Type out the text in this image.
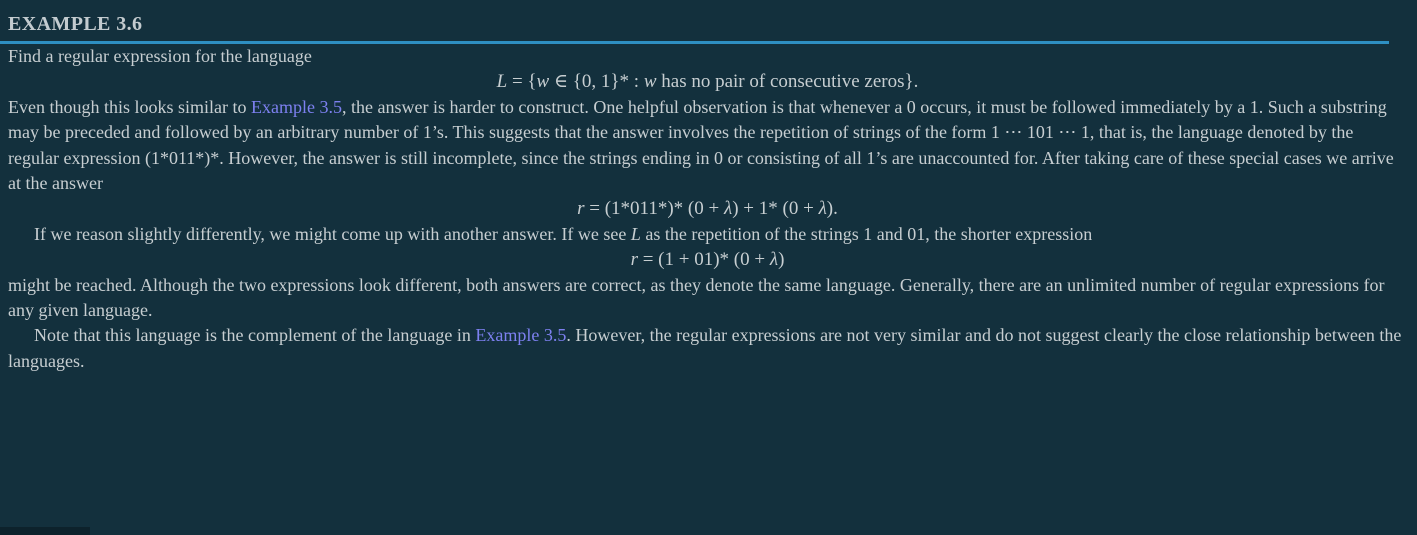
EXAMPLE 3.6

Find a regular expression for the language

L = {w ∈ {0, 1}* : w has no pair of consecutive zeros}.

Even though this looks similar to Example 3.5, the answer is harder to construct. One helpful observation is that whenever a 0 occurs, it must be followed immediately by a 1. Such a substring may be preceded and followed by an arbitrary number of 1’s. This suggests that the answer involves the repetition of strings of the form 1 ⋯ 101 ⋯ 1, that is, the language denoted by the regular expression (1*011*)*. However, the answer is still incomplete, since the strings ending in 0 or consisting of all 1’s are unaccounted for. After taking care of these special cases we arrive at the answer

r = (1*011*)* (0 + λ) + 1* (0 + λ).

If we reason slightly differently, we might come up with another answer. If we see L as the repetition of the strings 1 and 01, the shorter expression

r = (1 + 01)* (0 + λ)

might be reached. Although the two expressions look different, both answers are correct, as they denote the same language. Generally, there are an unlimited number of regular expressions for any given language.

Note that this language is the complement of the language in Example 3.5. However, the regular expressions are not very similar and do not suggest clearly the close relationship between the languages.
